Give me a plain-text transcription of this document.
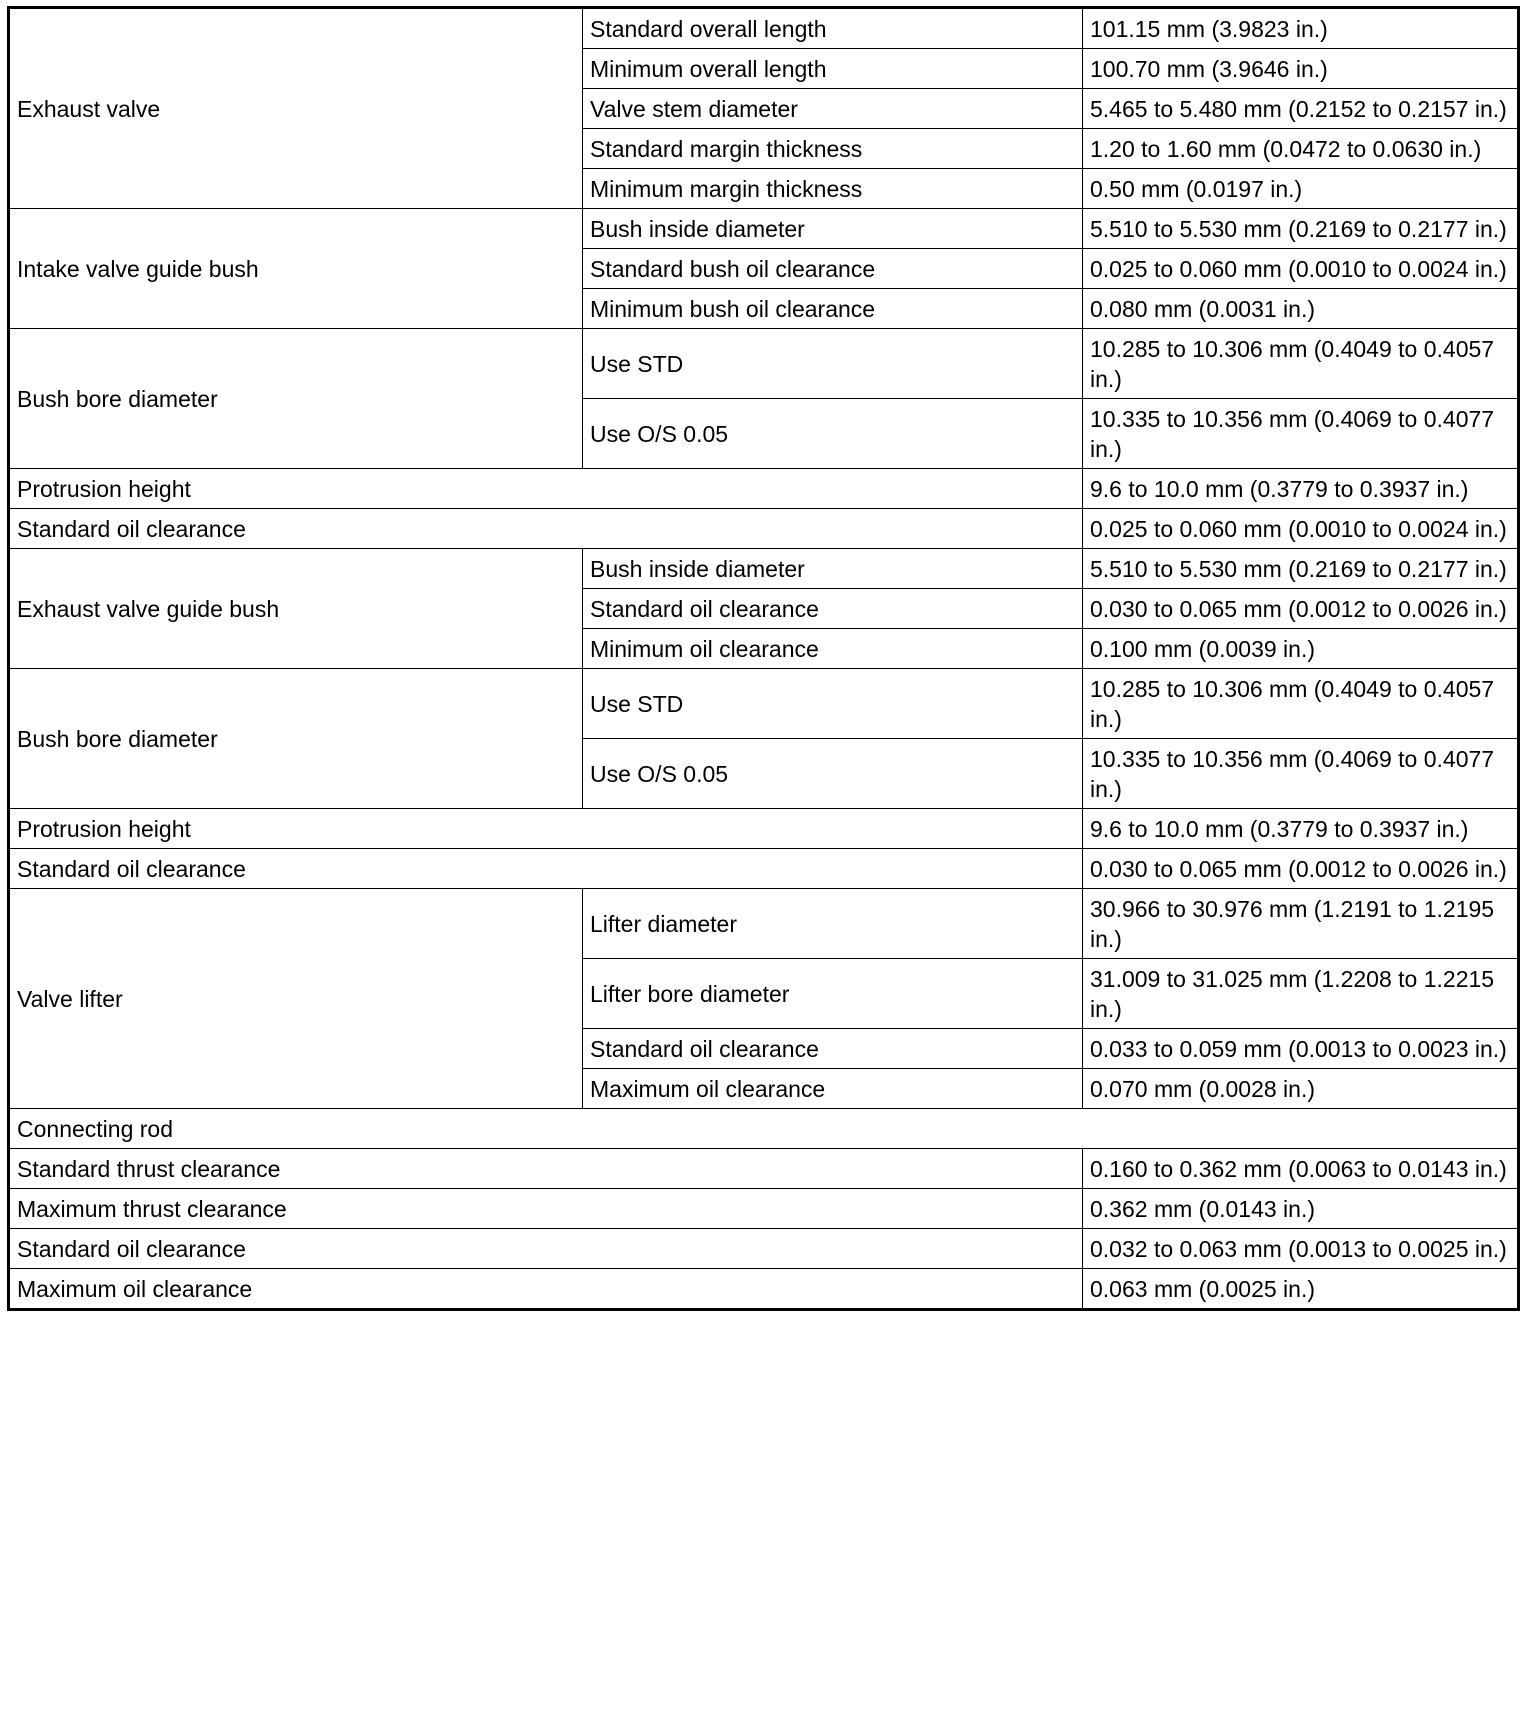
Exhaust valve	Standard overall length	101.15 mm (3.9823 in.)
	Minimum overall length	100.70 mm (3.9646 in.)
	Valve stem diameter	5.465 to 5.480 mm (0.2152 to 0.2157 in.)
	Standard margin thickness	1.20 to 1.60 mm (0.0472 to 0.0630 in.)
	Minimum margin thickness	0.50 mm (0.0197 in.)
Intake valve guide bush	Bush inside diameter	5.510 to 5.530 mm (0.2169 to 0.2177 in.)
	Standard bush oil clearance	0.025 to 0.060 mm (0.0010 to 0.0024 in.)
	Minimum bush oil clearance	0.080 mm (0.0031 in.)
Bush bore diameter	Use STD	10.285 to 10.306 mm (0.4049 to 0.4057 in.)
	Use O/S 0.05	10.335 to 10.356 mm (0.4069 to 0.4077 in.)
Protrusion height		9.6 to 10.0 mm (0.3779 to 0.3937 in.)
Standard oil clearance		0.025 to 0.060 mm (0.0010 to 0.0024 in.)
Exhaust valve guide bush	Bush inside diameter	5.510 to 5.530 mm (0.2169 to 0.2177 in.)
	Standard oil clearance	0.030 to 0.065 mm (0.0012 to 0.0026 in.)
	Minimum oil clearance	0.100 mm (0.0039 in.)
Bush bore diameter	Use STD	10.285 to 10.306 mm (0.4049 to 0.4057 in.)
	Use O/S 0.05	10.335 to 10.356 mm (0.4069 to 0.4077 in.)
Protrusion height		9.6 to 10.0 mm (0.3779 to 0.3937 in.)
Standard oil clearance		0.030 to 0.065 mm (0.0012 to 0.0026 in.)
Valve lifter	Lifter diameter	30.966 to 30.976 mm (1.2191 to 1.2195 in.)
	Lifter bore diameter	31.009 to 31.025 mm (1.2208 to 1.2215 in.)
	Standard oil clearance	0.033 to 0.059 mm (0.0013 to 0.0023 in.)
	Maximum oil clearance	0.070 mm (0.0028 in.)
Connecting rod		
Standard thrust clearance		0.160 to 0.362 mm (0.0063 to 0.0143 in.)
Maximum thrust clearance		0.362 mm (0.0143 in.)
Standard oil clearance		0.032 to 0.063 mm (0.0013 to 0.0025 in.)
Maximum oil clearance		0.063 mm (0.0025 in.)
